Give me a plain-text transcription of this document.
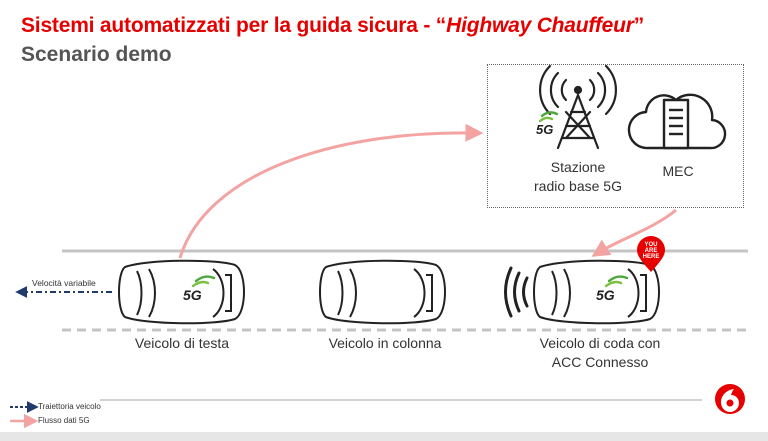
Sistemi automatizzati per la guida sicura - “Highway Chauffeur”
Scenario demo
5G
5G	5G
YOU
ARE
HERE
Stazione
radio base 5G
MEC
Velocità variabile
Veicolo di testa	Veicolo in colonna	Veicolo di coda con
ACC Connesso
Traiettoria veicolo
Flusso dati 5G
